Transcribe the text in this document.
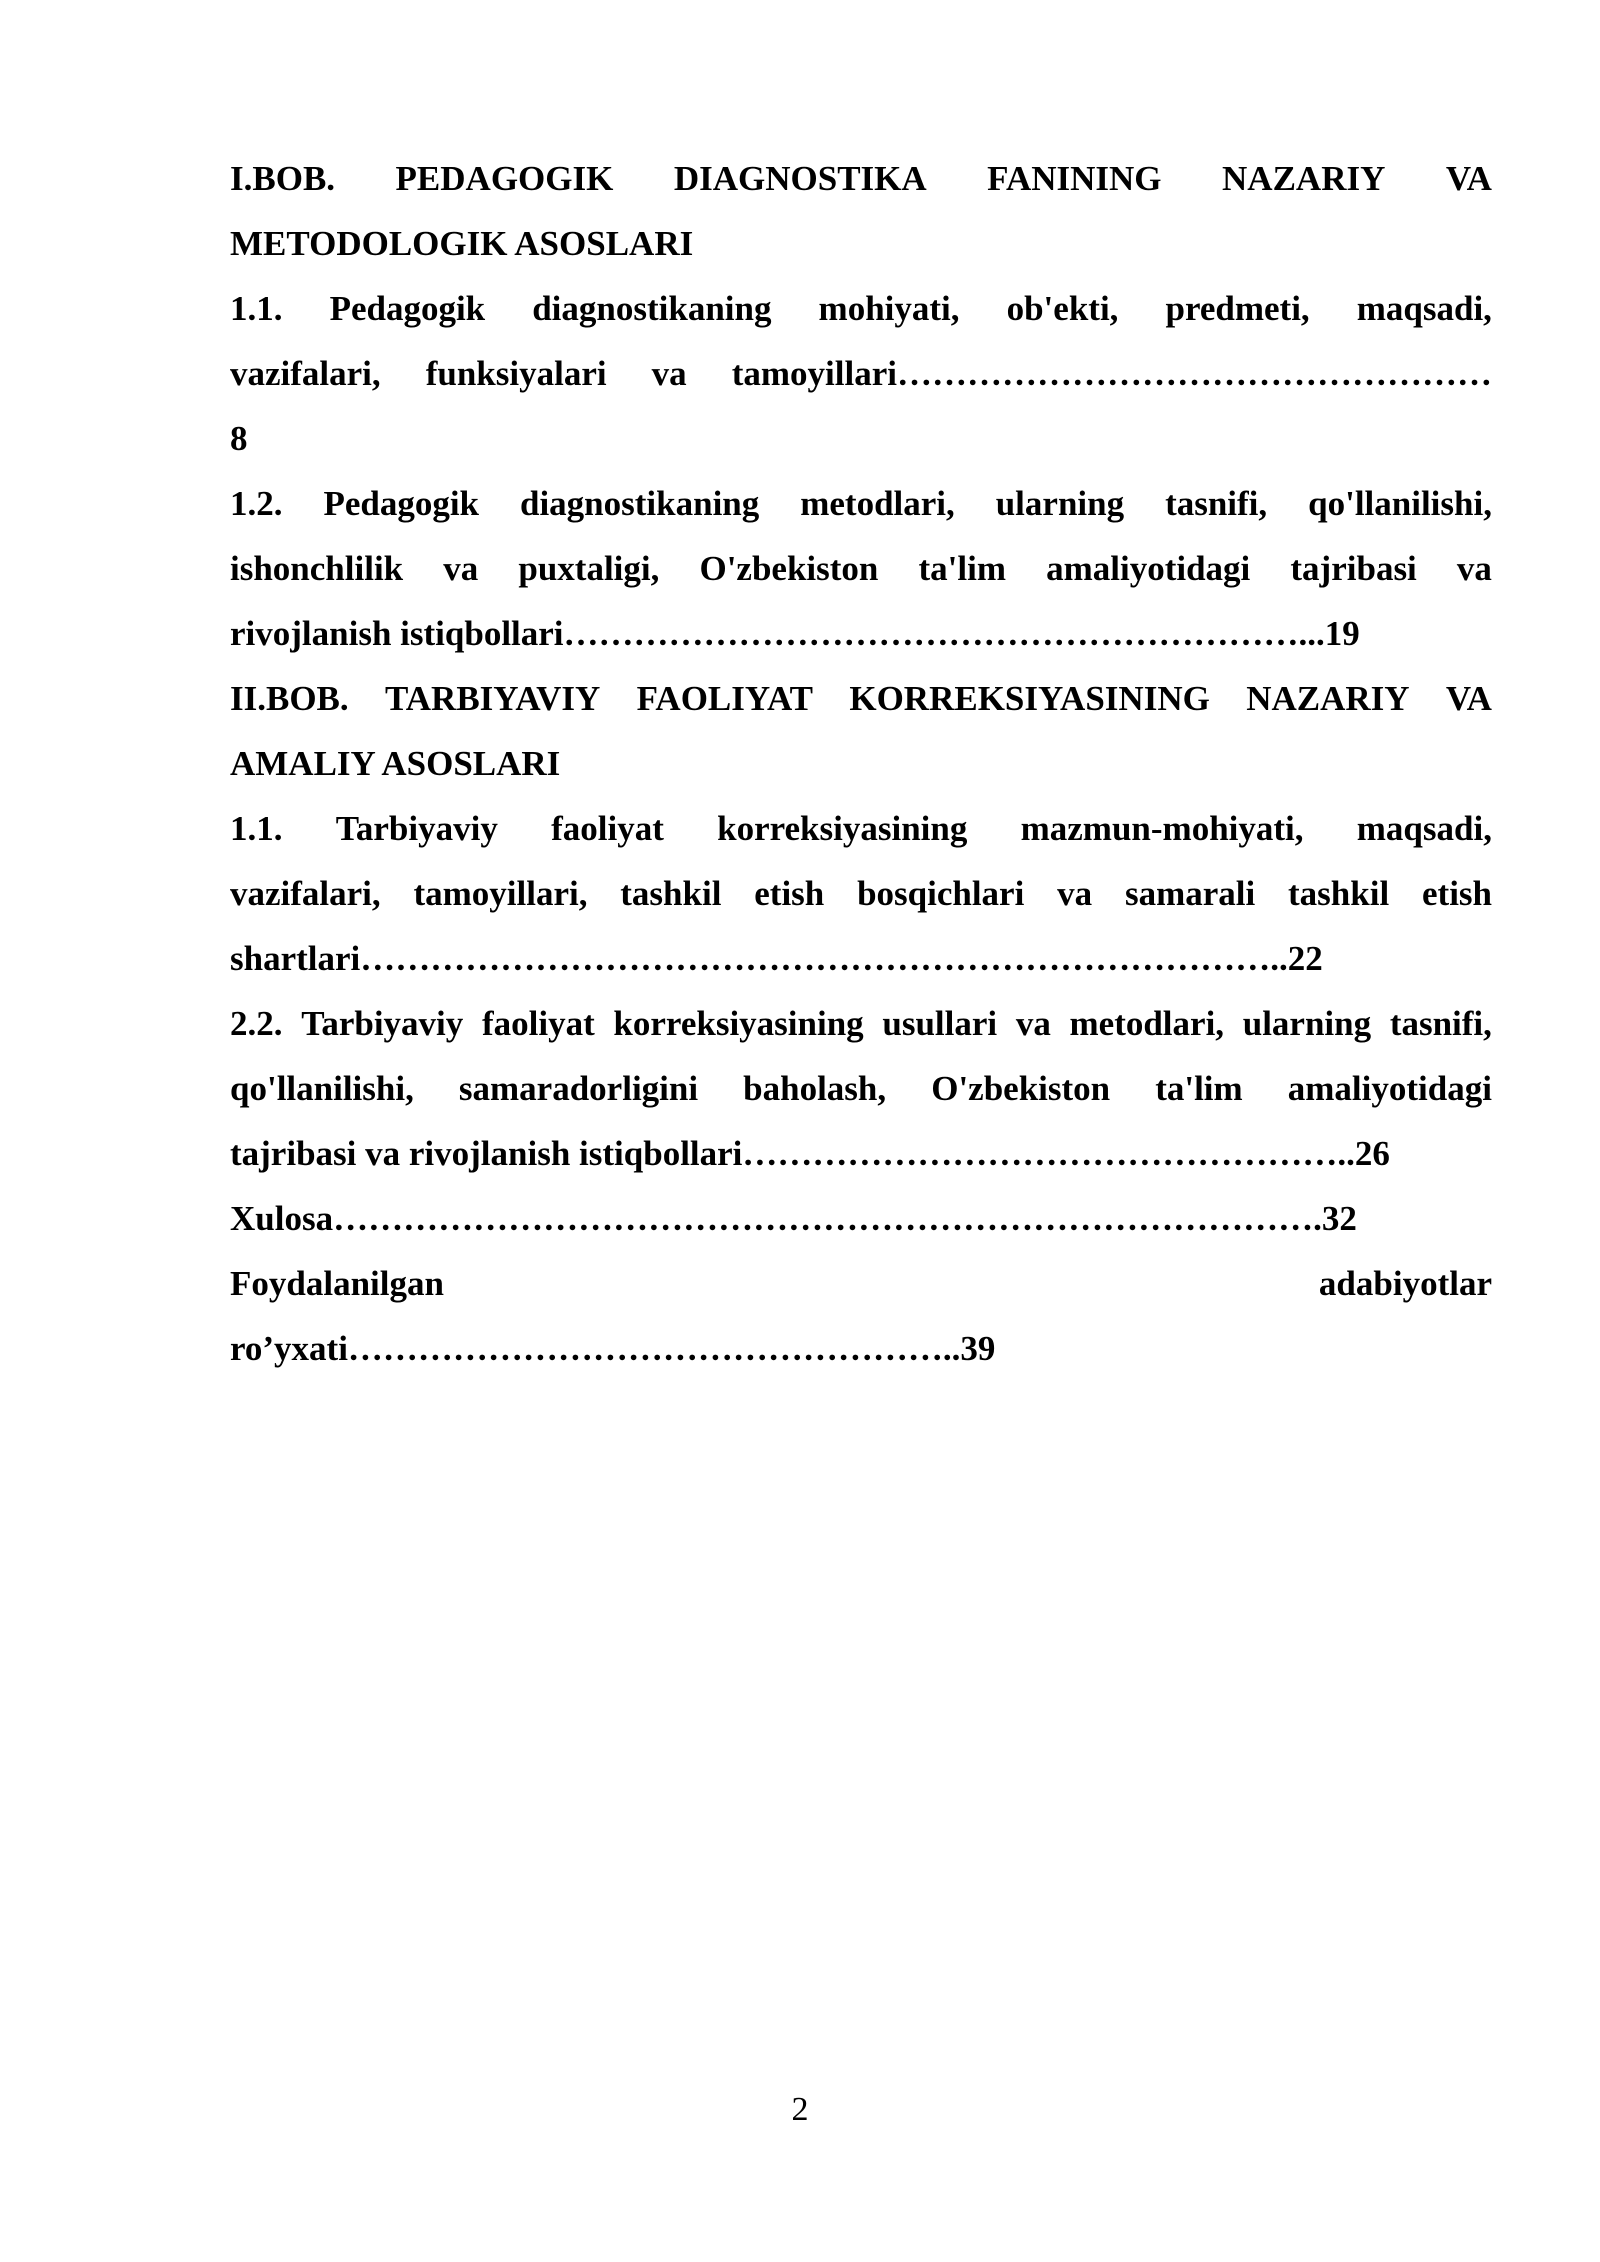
I.BOB. PEDAGOGIK DIAGNOSTIKA FANINING NAZARIY VA
METODOLOGIK ASOSLARI
1.1. Pedagogik diagnostikaning mohiyati, ob'ekti, predmeti, maqsadi,
vazifalari, funksiyalari va tamoyillari……………………………………………
8
1.2. Pedagogik diagnostikaning metodlari, ularning tasnifi, qo'llanilishi,
ishonchlilik va puxtaligi, O'zbekiston ta'lim amaliyotidagi tajribasi va
rivojlanish istiqbollari………………………………………………………...19
II.BOB. TARBIYAVIY FAOLIYAT KORREKSIYASINING NAZARIY VA
AMALIY ASOSLARI
1.1. Tarbiyaviy faoliyat korreksiyasining mazmun-mohiyati, maqsadi,
vazifalari, tamoyillari, tashkil etish bosqichlari va samarali tashkil etish
shartlari……………………………………………………………………..22
2.2. Tarbiyaviy faoliyat korreksiyasining usullari va metodlari, ularning tasnifi,
qo'llanilishi, samaradorligini baholash, O'zbekiston ta'lim amaliyotidagi
tajribasi va rivojlanish istiqbollari……………………………………………..26
Xulosa………………………………………………………………………….32
Foydalanilgan	adabiyotlar
ro’yxati……………………………………………..39
2
